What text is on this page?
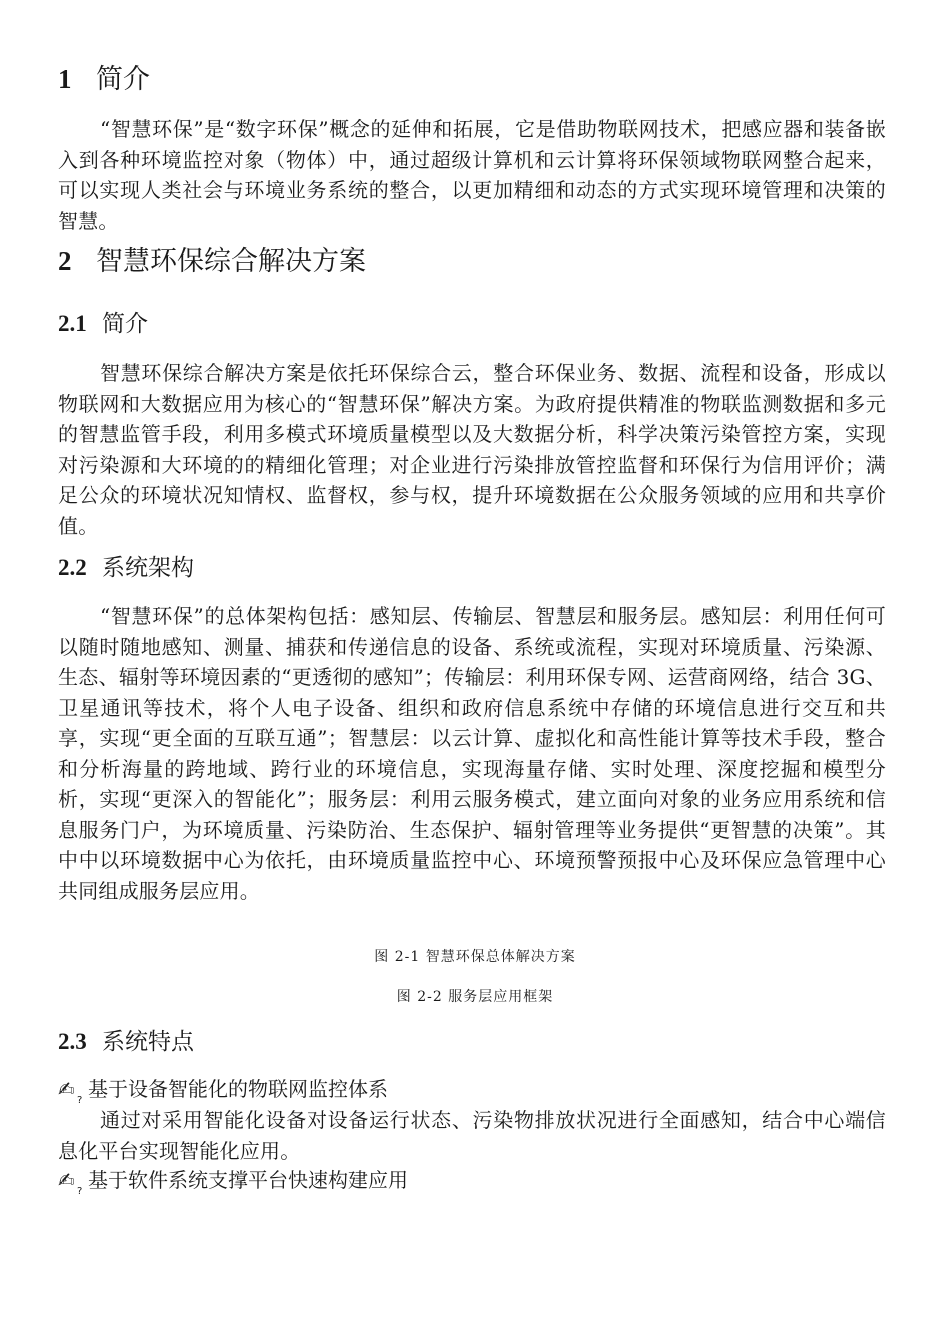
1 简介

“智慧环保”是“数字环保”概念的延伸和拓展，它是借助物联网技术，把感应器和装备嵌入到各种环境监控对象（物体）中，通过超级计算机和云计算将环保领域物联网整合起来，可以实现人类社会与环境业务系统的整合，以更加精细和动态的方式实现环境管理和决策的智慧。

2 智慧环保综合解决方案
2.1 简介

智慧环保综合解决方案是依托环保综合云，整合环保业务、数据、流程和设备，形成以物联网和大数据应用为核心的“智慧环保”解决方案。为政府提供精准的物联监测数据和多元的智慧监管手段，利用多模式环境质量模型以及大数据分析，科学决策污染管控方案，实现对污染源和大环境的的精细化管理；对企业进行污染排放管控监督和环保行为信用评价；满足公众的环境状况知情权、监督权，参与权，提升环境数据在公众服务领域的应用和共享价值。

2.2 系统架构

“智慧环保”的总体架构包括：感知层、传输层、智慧层和服务层。感知层：利用任何可以随时随地感知、测量、捕获和传递信息的设备、系统或流程，实现对环境质量、污染源、生态、辐射等环境因素的“更透彻的感知”；传输层：利用环保专网、运营商网络，结合 3G、卫星通讯等技术，将个人电子设备、组织和政府信息系统中存储的环境信息进行交互和共享，实现“更全面的互联互通”；智慧层：以云计算、虚拟化和高性能计算等技术手段，整合和分析海量的跨地域、跨行业的环境信息，实现海量存储、实时处理、深度挖掘和模型分析，实现“更深入的智能化”；服务层：利用云服务模式，建立面向对象的业务应用系统和信息服务门户，为环境质量、污染防治、生态保护、辐射管理等业务提供“更智慧的决策”。其中中以环境数据中心为依托，由环境质量监控中心、环境预警预报中心及环保应急管理中心共同组成服务层应用。

图 2-1 智慧环保总体解决方案
图 2-2 服务层应用框架
2.3 系统特点
✍ ? 基于设备智能化的物联网监控体系

通过对采用智能化设备对设备运行状态、污染物排放状况进行全面感知，结合中心端信息化平台实现智能化应用。

✍ ? 基于软件系统支撑平台快速构建应用
